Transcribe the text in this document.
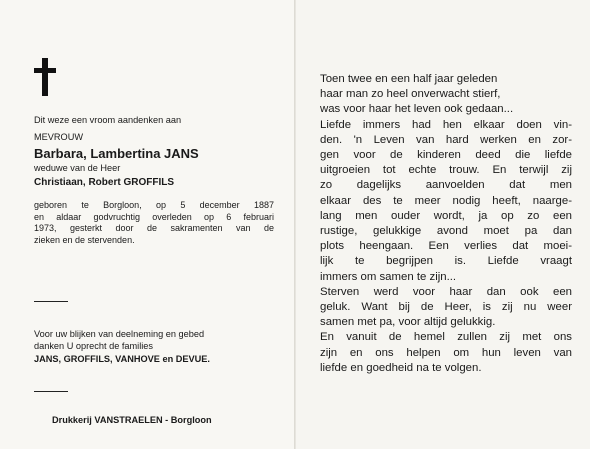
Dit weze een vroom aandenken aan
MEVROUW
Barbara, Lambertina JANS
weduwe van de Heer
Christiaan, Robert GROFFILS
geboren te Borgloon, op 5 december 1887
en aldaar godvruchtig overleden op 6 februari
1973, gesterkt door de sakramenten van de
zieken en de stervenden.
Voor uw blijken van deelneming en gebed
danken U oprecht de families
JANS, GROFFILS, VANHOVE en DEVUE.
Drukkerij VANSTRAELEN - Borgloon
Toen twee en een half jaar geleden
haar man zo heel onverwacht stierf,
was voor haar het leven ook gedaan...
Liefde immers had hen elkaar doen vin-
den. 'n Leven van hard werken en zor-
gen voor de kinderen deed die liefde
uitgroeien tot echte trouw. En terwijl zij
zo dagelijks aanvoelden dat men
elkaar des te meer nodig heeft, naarge-
lang men ouder wordt, ja op zo een
rustige, gelukkige avond moet pa dan
plots heengaan. Een verlies dat moei-
lijk te begrijpen is. Liefde vraagt
immers om samen te zijn...
Sterven werd voor haar dan ook een
geluk. Want bij de Heer, is zij nu weer
samen met pa, voor altijd gelukkig.
En vanuit de hemel zullen zij met ons
zijn en ons helpen om hun leven van
liefde en goedheid na te volgen.
